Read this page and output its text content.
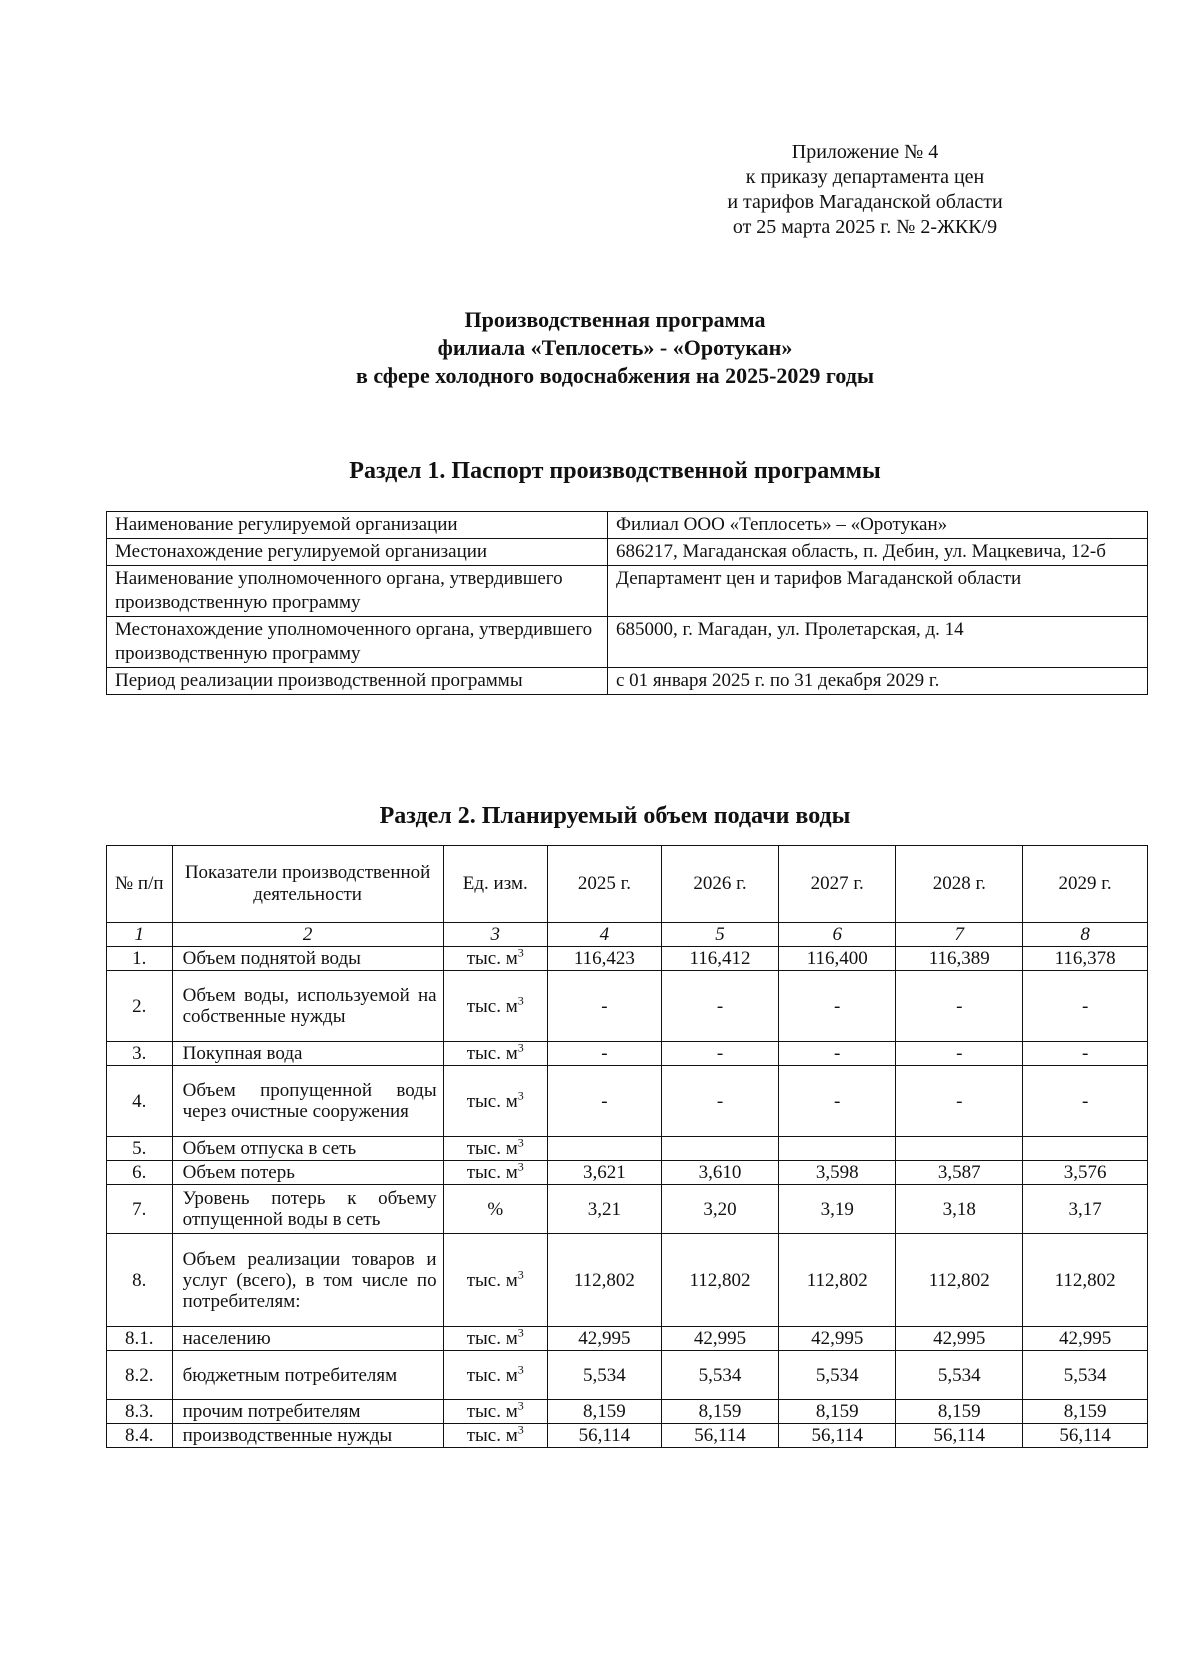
Приложение № 4
к приказу департамента цен
и тарифов Магаданской области
от 25 марта 2025 г. № 2-ЖКК/9
Производственная программа
филиала «Теплосеть» - «Оротукан»
в сфере холодного водоснабжения на 2025-2029 годы
Раздел 1. Паспорт производственной программы
Наименование регулируемой организации	Филиал ООО «Теплосеть» – «Оротукан»
Местонахождение регулируемой организации	686217, Магаданская область, п. Дебин, ул. Мацкевича, 12-б
Наименование уполномоченного органа, утвердившего производственную программу	Департамент цен и тарифов Магаданской области
Местонахождение уполномоченного органа, утвердившего производственную программу	685000, г. Магадан, ул. Пролетарская, д. 14
Период реализации производственной программы	с 01 января 2025 г. по 31 декабря 2029 г.
Раздел 2. Планируемый объем подачи воды
№ п/п	Показатели производственной деятельности	Ед. изм.	2025 г.	2026 г.	2027 г.	2028 г.	2029 г.
1	2	3	4	5	6	7	8
1.	Объем поднятой воды	тыс. $м^3$	116,423	116,412	116,400	116,389	116,378
2.	Объем воды, используемой на собственные нужды	тыс. $м^3$	-	-	-	-	-
3.	Покупная вода	тыс. $м^3$	-	-	-	-	-
4.	Объем пропущенной воды через очистные сооружения	тыс. $м^3$	-	-	-	-	-
5.	Объем отпуска в сеть	тыс. $м^3$					
6.	Объем потерь	тыс. $м^3$	3,621	3,610	3,598	3,587	3,576
7.	Уровень потерь к объему отпущенной воды в сеть	%	3,21	3,20	3,19	3,18	3,17
8.	Объем реализации товаров и услуг (всего), в том числе по потребителям:	тыс. $м^3$	112,802	112,802	112,802	112,802	112,802
8.1.	населению	тыс. $м^3$	42,995	42,995	42,995	42,995	42,995
8.2.	бюджетным потребителям	тыс. $м^3$	5,534	5,534	5,534	5,534	5,534
8.3.	прочим потребителям	тыс. $м^3$	8,159	8,159	8,159	8,159	8,159
8.4.	производственные нужды	тыс. $м^3$	56,114	56,114	56,114	56,114	56,114
